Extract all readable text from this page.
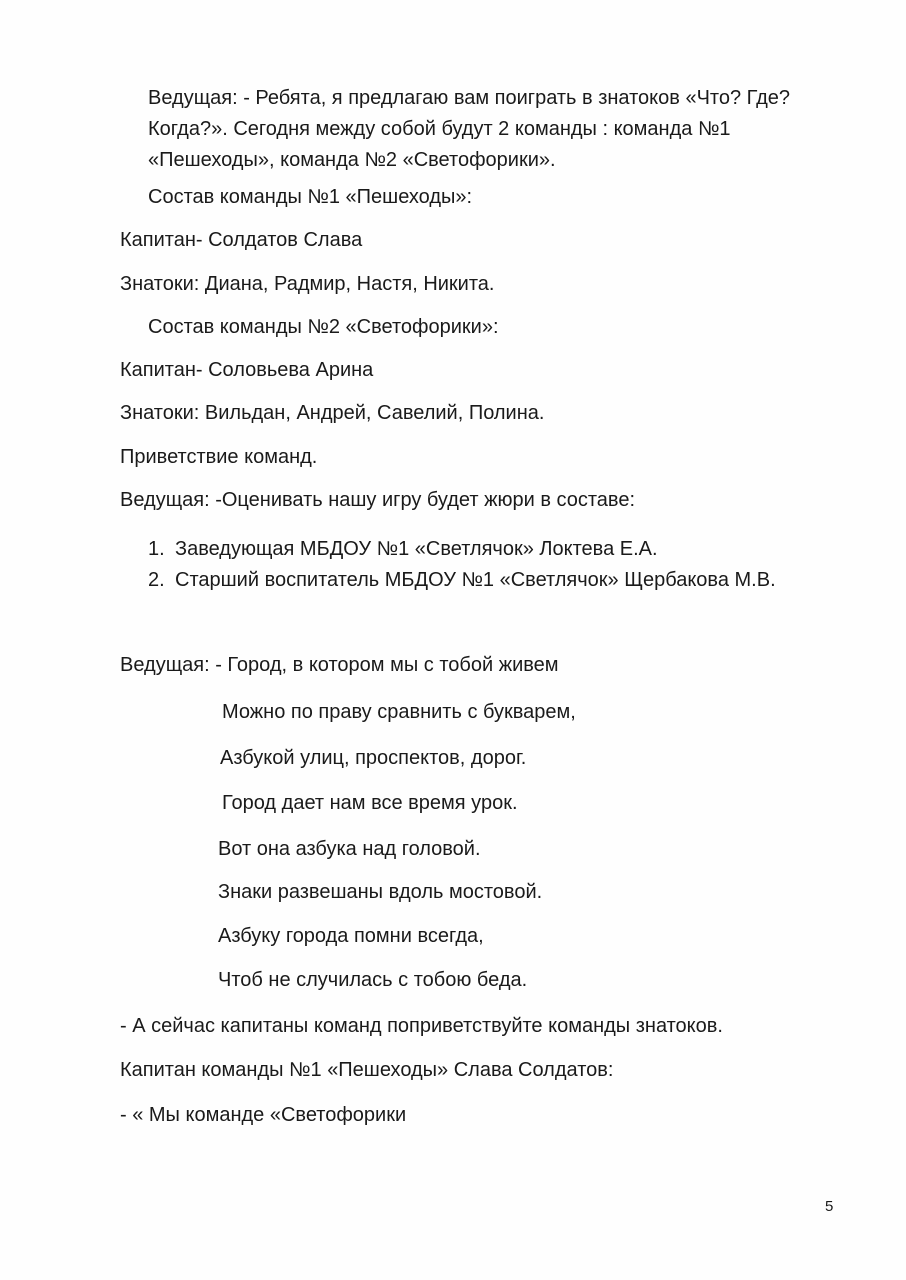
Ведущая: - Ребята, я предлагаю вам поиграть в знатоков «Что? Где?
Когда?». Сегодня между собой будут 2 команды : команда №1
«Пешеходы», команда №2 «Светофорики».
Состав команды №1 «Пешеходы»:
Капитан- Солдатов Слава
Знатоки: Диана, Радмир, Настя, Никита.
Состав команды №2 «Светофорики»:
Капитан- Соловьева Арина
Знатоки: Вильдан, Андрей, Савелий, Полина.
Приветствие команд.
Ведущая: -Оценивать нашу игру будет жюри в составе:
1. Заведующая МБДОУ №1 «Светлячок» Локтева Е.А.
2. Старший воспитатель МБДОУ №1 «Светлячок» Щербакова М.В.
Ведущая: - Город, в котором мы с тобой живем
Можно по праву сравнить с букварем,
Азбукой улиц, проспектов, дорог.
Город дает нам все время урок.
Вот она азбука над головой.
Знаки развешаны вдоль мостовой.
Азбуку города помни всегда,
Чтоб не случилась с тобою беда.
- А сейчас капитаны команд поприветствуйте команды знатоков.
Капитан команды №1 «Пешеходы» Слава Солдатов:
- « Мы команде «Светофорики
5
